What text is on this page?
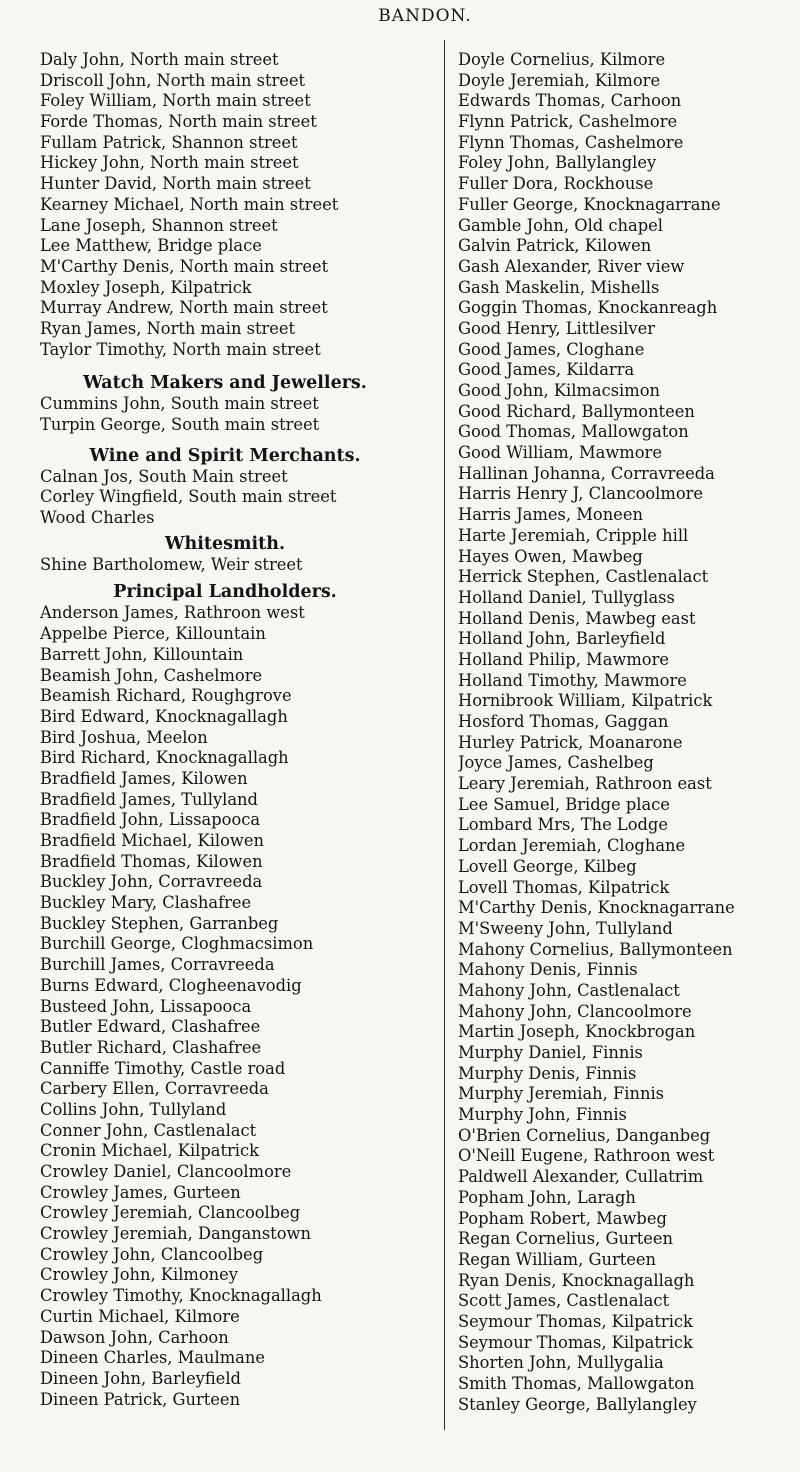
BANDON.
Daly John, North main street
Driscoll John, North main street
Foley William, North main street
Forde Thomas, North main street
Fullam Patrick, Shannon street
Hickey John, North main street
Hunter David, North main street
Kearney Michael, North main street
Lane Joseph, Shannon street
Lee Matthew, Bridge place
M'Carthy Denis, North main street
Moxley Joseph, Kilpatrick
Murray Andrew, North main street
Ryan James, North main street
Taylor Timothy, North main street
Watch Makers and Jewellers.
Cummins John, South main street
Turpin George, South main street
Wine and Spirit Merchants.
Calnan Jos, South Main street
Corley Wingfield, South main street
Wood Charles
Whitesmith.
Shine Bartholomew, Weir street
Principal Landholders.
Anderson James, Rathroon west
Appelbe Pierce, Killountain
Barrett John, Killountain
Beamish John, Cashelmore
Beamish Richard, Roughgrove
Bird Edward, Knocknagallagh
Bird Joshua, Meelon
Bird Richard, Knocknagallagh
Bradfield James, Kilowen
Bradfield James, Tullyland
Bradfield John, Lissapooca
Bradfield Michael, Kilowen
Bradfield Thomas, Kilowen
Buckley John, Corravreeda
Buckley Mary, Clashafree
Buckley Stephen, Garranbeg
Burchill George, Cloghmacsimon
Burchill James, Corravreeda
Burns Edward, Clogheenavodig
Busteed John, Lissapooca
Butler Edward, Clashafree
Butler Richard, Clashafree
Canniffe Timothy, Castle road
Carbery Ellen, Corravreeda
Collins John, Tullyland
Conner John, Castlenalact
Cronin Michael, Kilpatrick
Crowley Daniel, Clancoolmore
Crowley James, Gurteen
Crowley Jeremiah, Clancoolbeg
Crowley Jeremiah, Danganstown
Crowley John, Clancoolbeg
Crowley John, Kilmoney
Crowley Timothy, Knocknagallagh
Curtin Michael, Kilmore
Dawson John, Carhoon
Dineen Charles, Maulmane
Dineen John, Barleyfield
Dineen Patrick, Gurteen
Doyle Cornelius, Kilmore
Doyle Jeremiah, Kilmore
Edwards Thomas, Carhoon
Flynn Patrick, Cashelmore
Flynn Thomas, Cashelmore
Foley John, Ballylangley
Fuller Dora, Rockhouse
Fuller George, Knocknagarrane
Gamble John, Old chapel
Galvin Patrick, Kilowen
Gash Alexander, River view
Gash Maskelin, Mishells
Goggin Thomas, Knockanreagh
Good Henry, Littlesilver
Good James, Cloghane
Good James, Kildarra
Good John, Kilmacsimon
Good Richard, Ballymonteen
Good Thomas, Mallowgaton
Good William, Mawmore
Hallinan Johanna, Corravreeda
Harris Henry J, Clancoolmore
Harris James, Moneen
Harte Jeremiah, Cripple hill
Hayes Owen, Mawbeg
Herrick Stephen, Castlenalact
Holland Daniel, Tullyglass
Holland Denis, Mawbeg east
Holland John, Barleyfield
Holland Philip, Mawmore
Holland Timothy, Mawmore
Hornibrook William, Kilpatrick
Hosford Thomas, Gaggan
Hurley Patrick, Moanarone
Joyce James, Cashelbeg
Leary Jeremiah, Rathroon east
Lee Samuel, Bridge place
Lombard Mrs, The Lodge
Lordan Jeremiah, Cloghane
Lovell George, Kilbeg
Lovell Thomas, Kilpatrick
M'Carthy Denis, Knocknagarrane
M'Sweeny John, Tullyland
Mahony Cornelius, Ballymonteen
Mahony Denis, Finnis
Mahony John, Castlenalact
Mahony John, Clancoolmore
Martin Joseph, Knockbrogan
Murphy Daniel, Finnis
Murphy Denis, Finnis
Murphy Jeremiah, Finnis
Murphy John, Finnis
O'Brien Cornelius, Danganbeg
O'Neill Eugene, Rathroon west
Paldwell Alexander, Cullatrim
Popham John, Laragh
Popham Robert, Mawbeg
Regan Cornelius, Gurteen
Regan William, Gurteen
Ryan Denis, Knocknagallagh
Scott James, Castlenalact
Seymour Thomas, Kilpatrick
Seymour Thomas, Kilpatrick
Shorten John, Mullygalia
Smith Thomas, Mallowgaton
Stanley George, Ballylangley
